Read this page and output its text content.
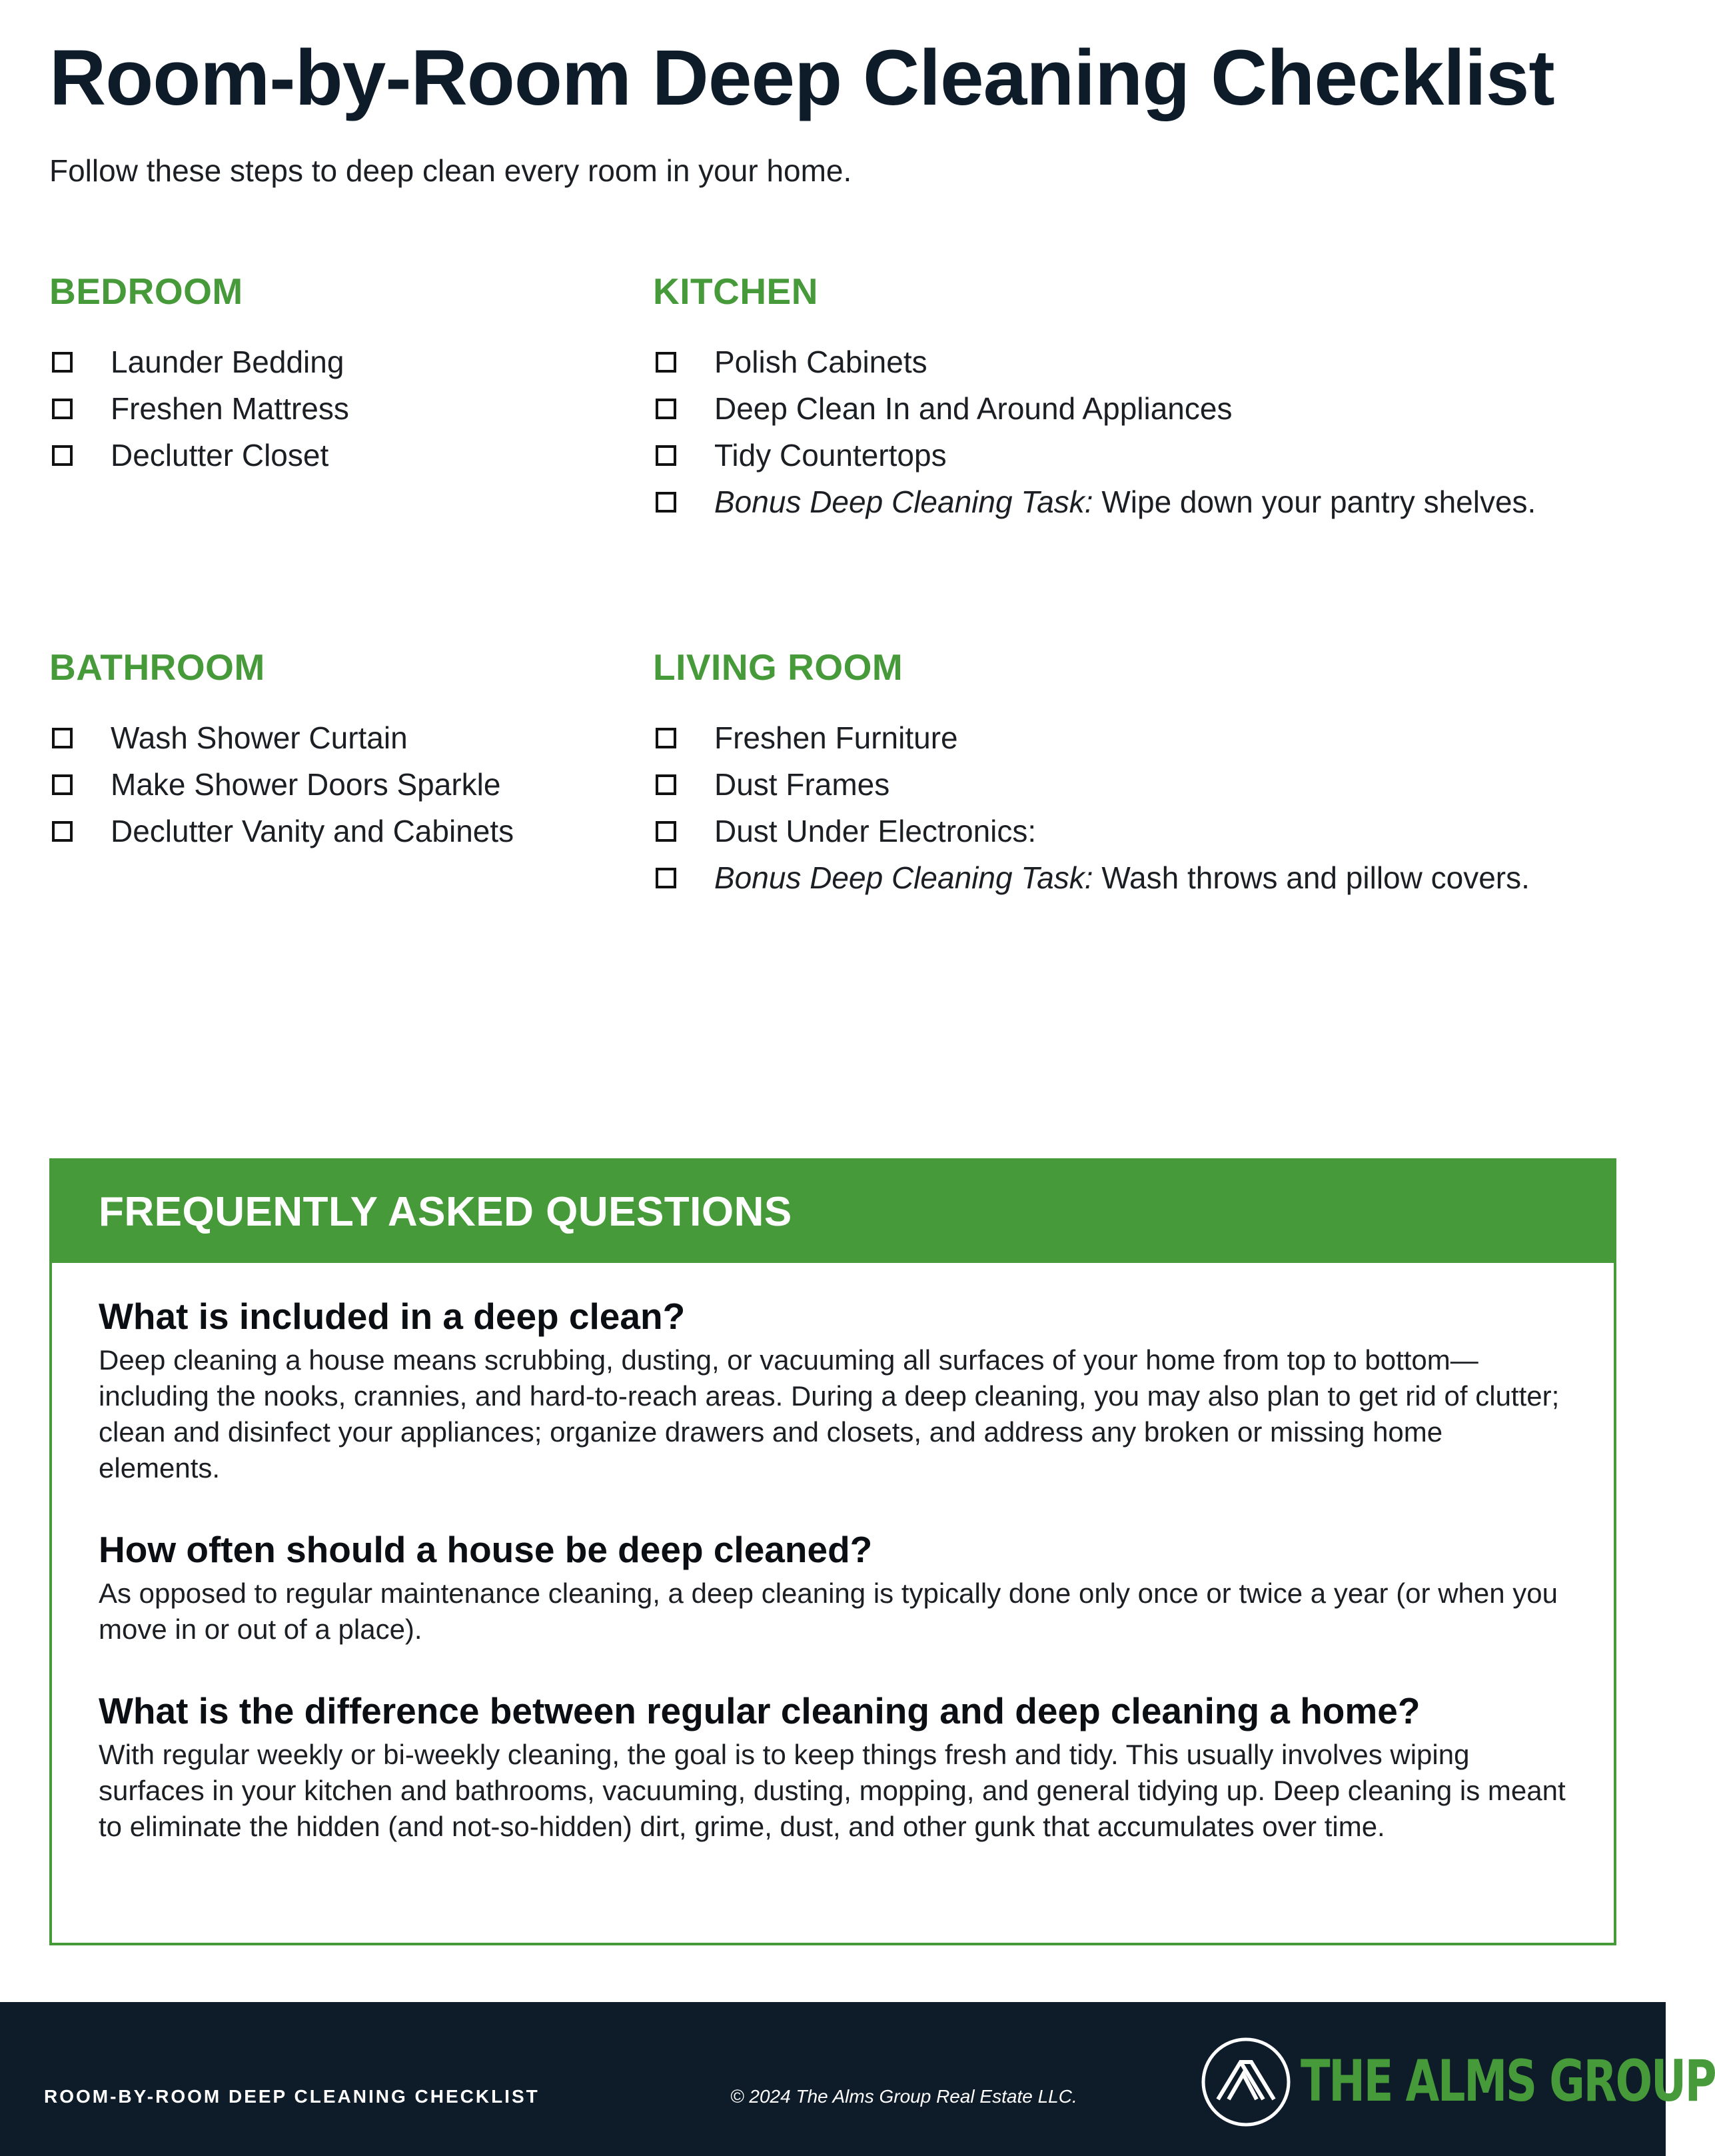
Room-by-Room Deep Cleaning Checklist

Follow these steps to deep clean every room in your home.

BEDROOM
Launder Bedding
Freshen Mattress
Declutter Closet
KITCHEN
Polish Cabinets
Deep Clean In and Around Appliances
Tidy Countertops
Bonus Deep Cleaning Task: Wipe down your pantry shelves.
BATHROOM
Wash Shower Curtain
Make Shower Doors Sparkle
Declutter Vanity and Cabinets
LIVING ROOM
Freshen Furniture
Dust Frames
Dust Under Electronics:
Bonus Deep Cleaning Task: Wash throws and pillow covers.
FREQUENTLY ASKED QUESTIONS
What is included in a deep clean?

Deep cleaning a house means scrubbing, dusting, or vacuuming all surfaces of your home from top to bottom—including the nooks, crannies, and hard-to-reach areas. During a deep cleaning, you may also plan to get rid of clutter; clean and disinfect your appliances; organize drawers and closets, and address any broken or missing home elements.

How often should a house be deep cleaned?

As opposed to regular maintenance cleaning, a deep cleaning is typically done only once or twice a year (or when you move in or out of a place).

What is the difference between regular cleaning and deep cleaning a home?

With regular weekly or bi-weekly cleaning, the goal is to keep things fresh and tidy. This usually involves wiping surfaces in your kitchen and bathrooms, vacuuming, dusting, mopping, and general tidying up. Deep cleaning is meant to eliminate the hidden (and not-so-hidden) dirt, grime, dust, and other gunk that accumulates over time.

ROOM-BY-ROOM DEEP CLEANING CHECKLIST	© 2024 The Alms Group Real Estate LLC.	THE ALMS GROUP
